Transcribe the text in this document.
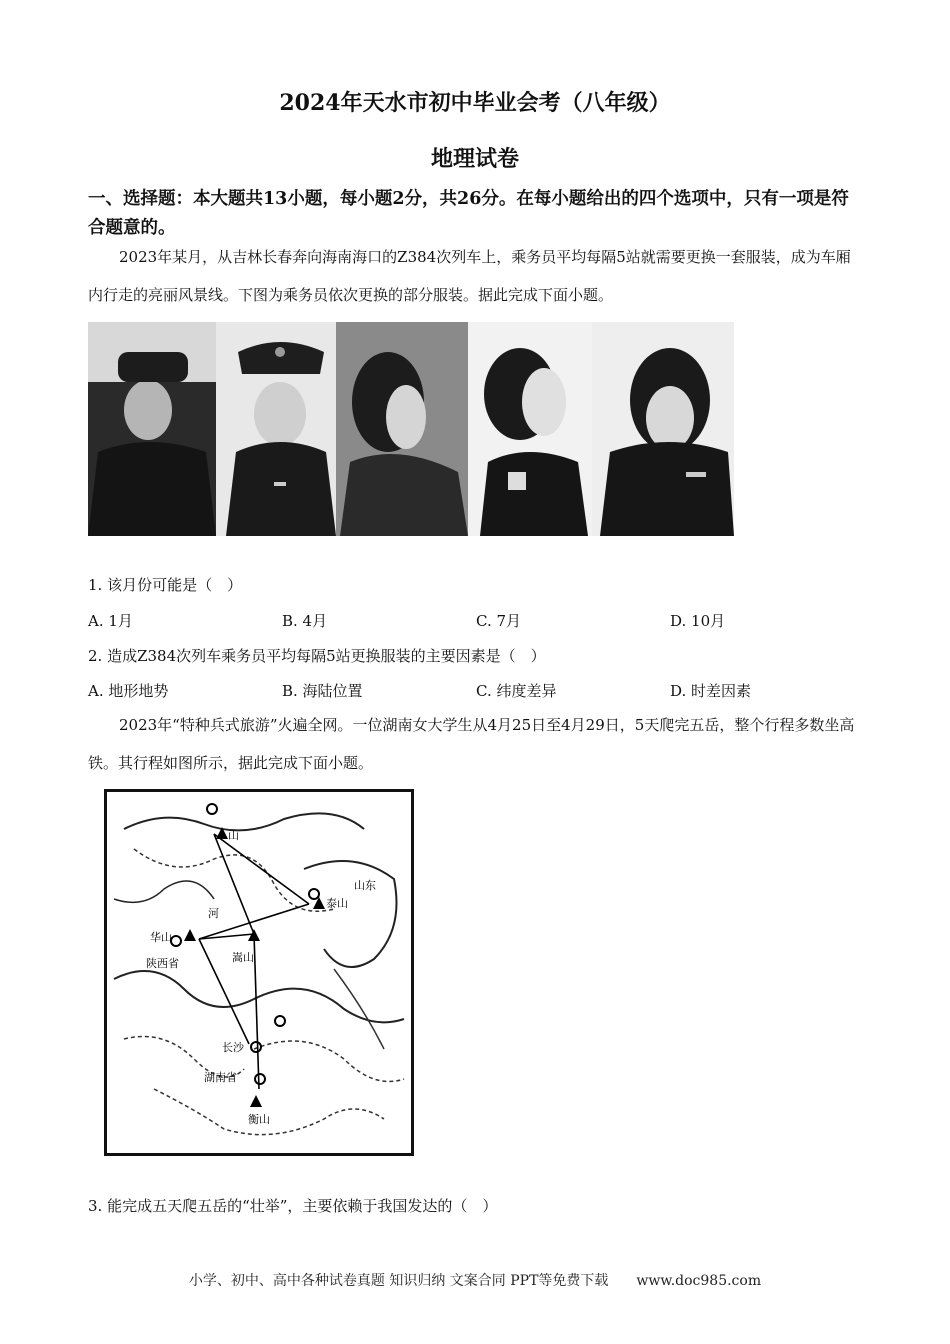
2024年天水市初中毕业会考（八年级）
地理试卷
一、选择题：本大题共13小题，每小题2分，共26分。在每小题给出的四个选项中，只有一项是符合题意的。
2023年某月，从吉林长春奔向海南海口的Z384次列车上，乘务员平均每隔5站就需要更换一套服装，成为车厢内行走的亮丽风景线。下图为乘务员依次更换的部分服装。据此完成下面小题。
1. 该月份可能是（　）
A. 1月	B. 4月	C. 7月	D. 10月
2. 造成Z384次列车乘务员平均每隔5站更换服装的主要因素是（　）
A. 地形地势	B. 海陆位置	C. 纬度差异	D. 时差因素
2023年“特种兵式旅游”火遍全网。一位湖南女大学生从4月25日至4月29日，5天爬完五岳，整个行程多数坐高铁。其行程如图所示，据此完成下面小题。
山
河
泰山
山东
华山
陕西省	嵩山
长沙
湖南省
衡山
3. 能完成五天爬五岳的“壮举”，主要依赖于我国发达的（　）
小学、初中、高中各种试卷真题 知识归纳 文案合同 PPT等免费下载　　www.doc985.com
